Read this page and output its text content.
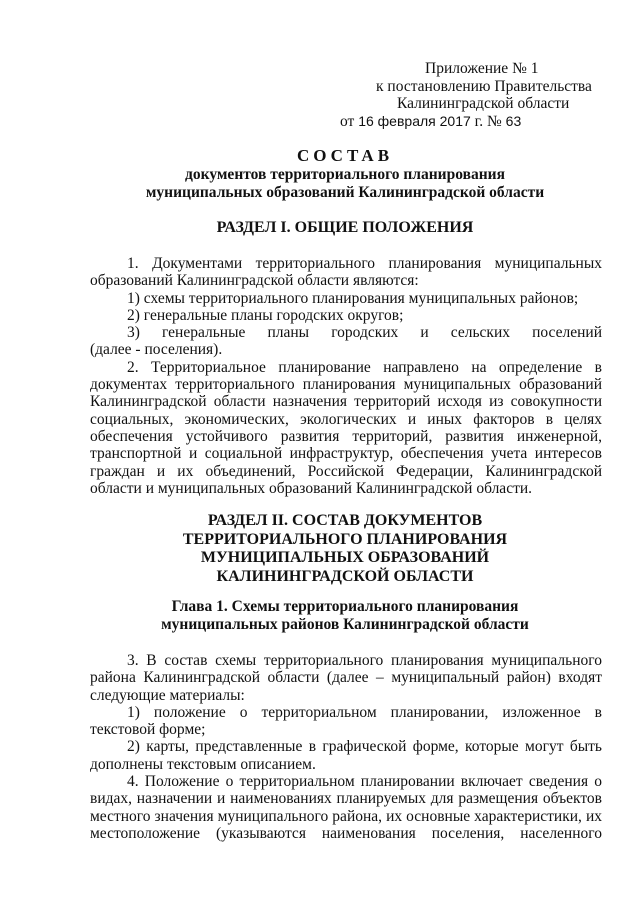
Приложение № 1
к постановлению Правительства
Калининградской области
от 16 февраля 2017 г. № 63
СОСТАВ
документов территориального планирования
муниципальных образований Калининградской области
РАЗДЕЛ I. ОБЩИЕ ПОЛОЖЕНИЯ

1. Документами территориального планирования муниципальных образований Калининградской области являются:

1) схемы территориального планирования муниципальных районов;

2) генеральные планы городских округов;

3) генеральные планы городских и сельских поселений

(далее - поселения).

2. Территориальное планирование направлено на определение в документах территориального планирования муниципальных образований Калининградской области назначения территорий исходя из совокупности социальных, экономических, экологических и иных факторов в целях обеспечения устойчивого развития территорий, развития инженерной, транспортной и социальной инфраструктур, обеспечения учета интересов граждан и их объединений, Российской Федерации, Калининградской области и муниципальных образований Калининградской области.

РАЗДЕЛ II. СОСТАВ ДОКУМЕНТОВ
ТЕРРИТОРИАЛЬНОГО ПЛАНИРОВАНИЯ
МУНИЦИПАЛЬНЫХ ОБРАЗОВАНИЙ
КАЛИНИНГРАДСКОЙ ОБЛАСТИ
Глава 1. Схемы территориального планирования
муниципальных районов Калининградской области

3. В состав схемы территориального планирования муниципального района Калининградской области (далее – муниципальный район) входят следующие материалы:

1) положение о территориальном планировании, изложенное в текстовой форме;

2) карты, представленные в графической форме, которые могут быть дополнены текстовым описанием.

4. Положение о территориальном планировании включает сведения о видах, назначении и наименованиях планируемых для размещения объектов местного значения муниципального района, их основные характеристики, их местоположение (указываются наименования поселения, населенного
